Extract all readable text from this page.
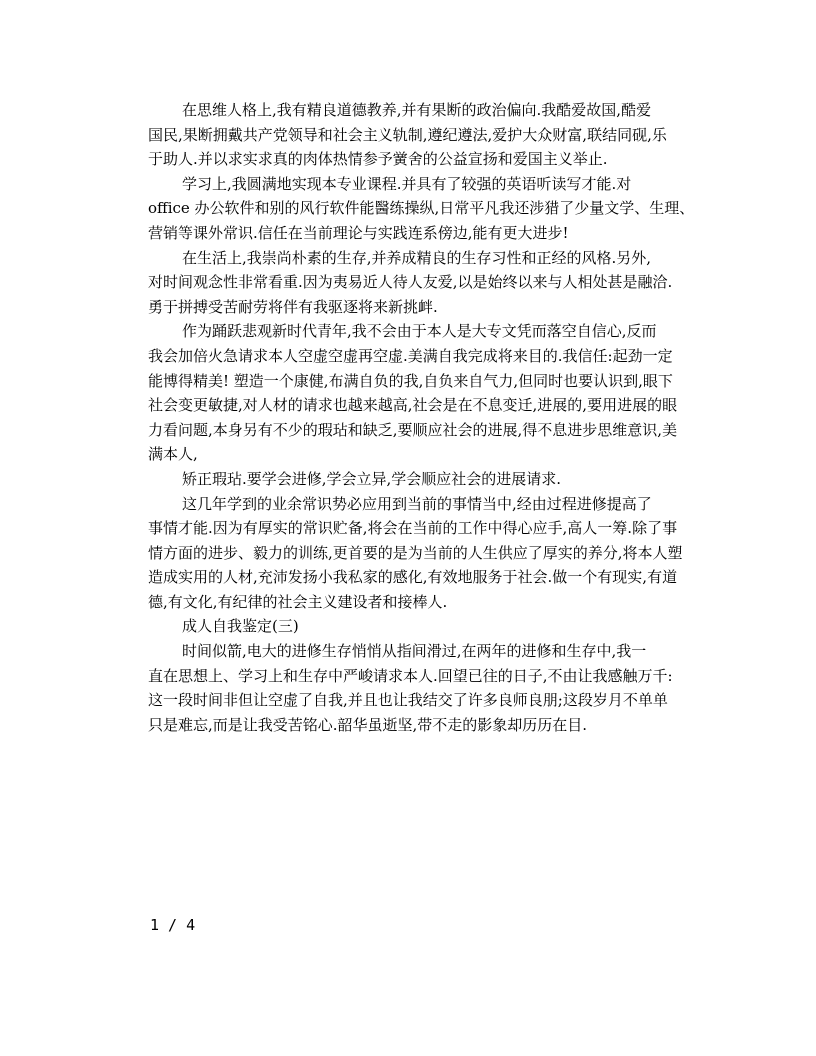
在思维人格上,我有精良道德教养,并有果断的政治偏向.我酷爱故国,酷爱
国民,果断拥戴共产党领导和社会主义轨制,遵纪遵法,爱护大众财富,联结同砚,乐
于助人.并以求实求真的肉体热情参予黉舍的公益宣扬和爱国主义举止.
学习上,我圆满地实现本专业课程.并具有了较强的英语听读写才能.对
office 办公软件和别的风行软件能醫练操纵,日常平凡我还涉猎了少量文学、生理、
营销等课外常识.信任在当前理论与实践连系傍边,能有更大进步!
在生活上,我崇尚朴素的生存,并养成精良的生存习性和正经的风格.另外,
对时间观念性非常看重.因为夷易近人待人友爱,以是始终以来与人相处甚是融洽.
勇于拼搏受苦耐劳将伴有我驱逐将来新挑衅.
作为踊跃悲观新时代青年,我不会由于本人是大专文凭而落空自信心,反而
我会加倍火急请求本人空虚空虚再空虚.美满自我完成将来目的.我信任:起劲一定
能博得精美! 塑造一个康健,布满自负的我,自负来自气力,但同时也要认识到,眼下
社会变更敏捷,对人材的请求也越来越高,社会是在不息变迁,进展的,要用进展的眼
力看问题,本身另有不少的瑕玷和缺乏,要顺应社会的进展,得不息进步思维意识,美
满本人,
矫正瑕玷.要学会进修,学会立异,学会顺应社会的进展请求.
这几年学到的业余常识势必应用到当前的事情当中,经由过程进修提高了
事情才能.因为有厚实的常识贮备,将会在当前的工作中得心应手,高人一筹.除了事
情方面的进步、毅力的训练,更首要的是为当前的人生供应了厚实的养分,将本人塑
造成实用的人材,充沛发扬小我私家的感化,有效地服务于社会.做一个有现实,有道
德,有文化,有纪律的社会主义建设者和接棒人.
成人自我鉴定(三)
时间似箭,电大的进修生存悄悄从指间滑过,在两年的进修和生存中,我一
直在思想上、学习上和生存中严峻请求本人.回望已往的日子,不由让我感触万千:
这一段时间非但让空虚了自我,并且也让我结交了许多良师良朋;这段岁月不单单
只是难忘,而是让我受苦铭心.韶华虽逝坚,带不走的影象却历历在目.
1 / 4
